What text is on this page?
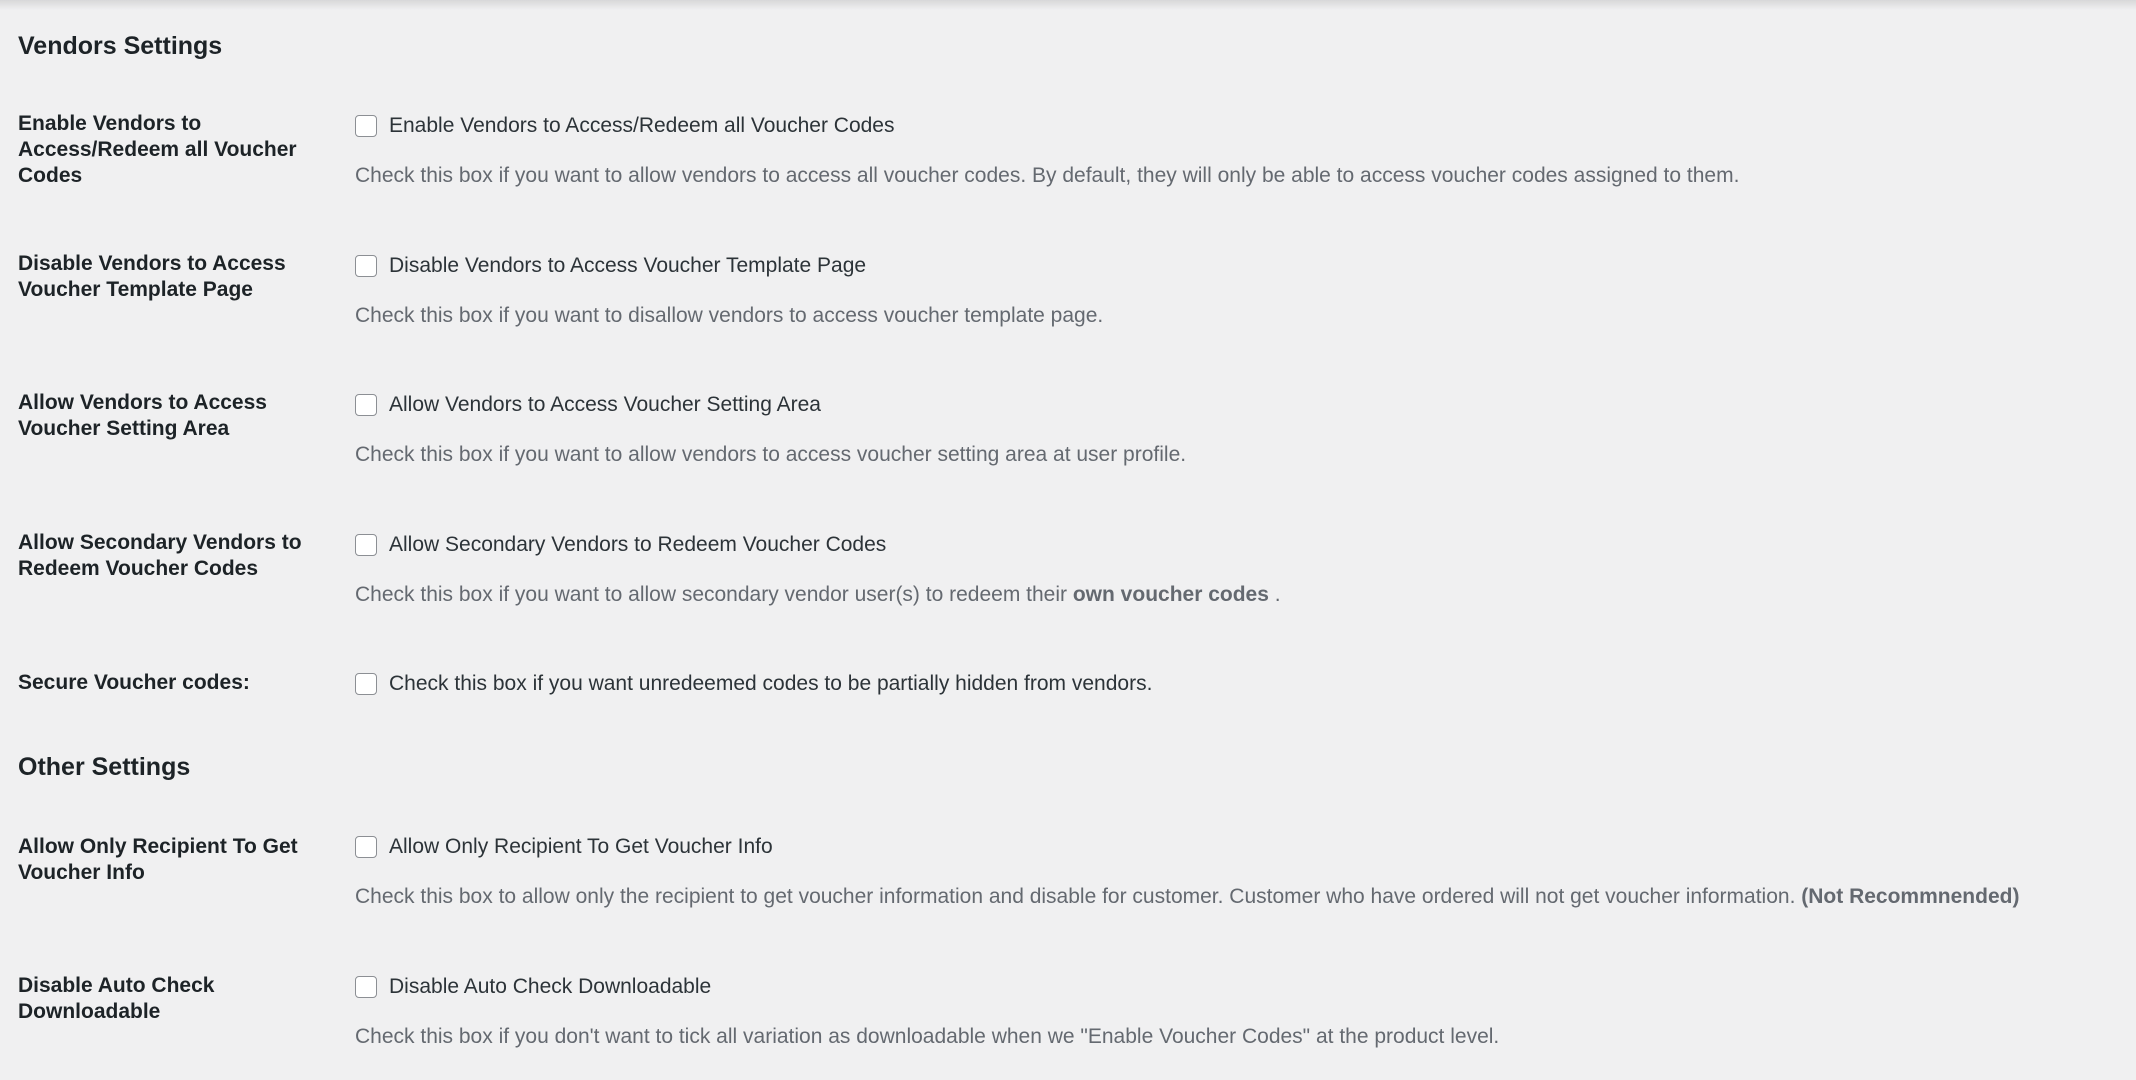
Vendors Settings
Enable Vendors to Access/Redeem all Voucher Codes
Enable Vendors to Access/Redeem all Voucher Codes
Check this box if you want to allow vendors to access all voucher codes. By default, they will only be able to access voucher codes assigned to them.
Disable Vendors to Access Voucher Template Page
Disable Vendors to Access Voucher Template Page
Check this box if you want to disallow vendors to access voucher template page.
Allow Vendors to Access Voucher Setting Area
Allow Vendors to Access Voucher Setting Area
Check this box if you want to allow vendors to access voucher setting area at user profile.
Allow Secondary Vendors to Redeem Voucher Codes
Allow Secondary Vendors to Redeem Voucher Codes
Check this box if you want to allow secondary vendor user(s) to redeem their own voucher codes .
Secure Voucher codes:	Check this box if you want unredeemed codes to be partially hidden from vendors.
Other Settings
Allow Only Recipient To Get Voucher Info
Allow Only Recipient To Get Voucher Info
Check this box to allow only the recipient to get voucher information and disable for customer. Customer who have ordered will not get voucher information. (Not Recommnended)
Disable Auto Check Downloadable
Disable Auto Check Downloadable
Check this box if you don't want to tick all variation as downloadable when we "Enable Voucher Codes" at the product level.
